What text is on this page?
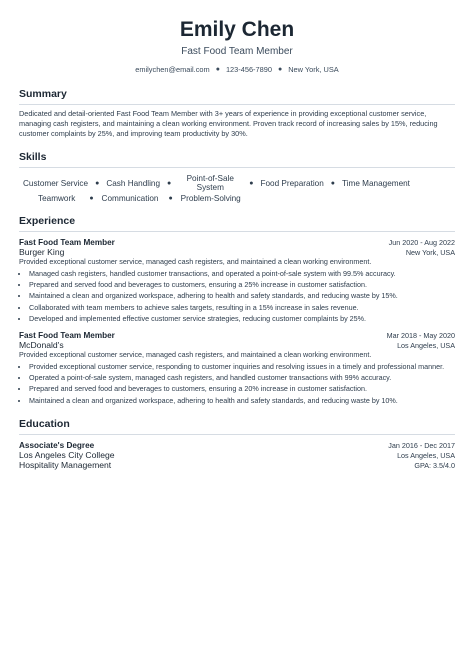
Emily Chen
Fast Food Team Member
emilychen@email.com ● 123-456-7890 ● New York, USA
Summary
Dedicated and detail-oriented Fast Food Team Member with 3+ years of experience in providing exceptional customer service, managing cash registers, and maintaining a clean working environment. Proven track record of increasing sales by 15%, reducing customer complaints by 25%, and improving team productivity by 30%.
Skills
Customer Service ● Cash Handling ●	Point-of-Sale System	● Food Preparation ● Time Management
Teamwork ● Communication ● Problem-Solving
Experience
Fast Food Team Member	Jun 2020 - Aug 2022
Burger King	New York, USA
Provided exceptional customer service, managed cash registers, and maintained a clean working environment.
• Managed cash registers, handled customer transactions, and operated a point-of-sale system with 99.5% accuracy.
• Prepared and served food and beverages to customers, ensuring a 25% increase in customer satisfaction.
• Maintained a clean and organized workspace, adhering to health and safety standards, and reducing waste by 15%.
• Collaborated with team members to achieve sales targets, resulting in a 15% increase in sales revenue.
• Developed and implemented effective customer service strategies, reducing customer complaints by 25%.
Fast Food Team Member	Mar 2018 - May 2020
McDonald's	Los Angeles, USA
Provided exceptional customer service, managed cash registers, and maintained a clean working environment.
• Provided exceptional customer service, responding to customer inquiries and resolving issues in a timely and professional manner.
• Operated a point-of-sale system, managed cash registers, and handled customer transactions with 99% accuracy.
• Prepared and served food and beverages to customers, ensuring a 20% increase in customer satisfaction.
• Maintained a clean and organized workspace, adhering to health and safety standards, and reducing waste by 10%.
Education
Associate's Degree	Jan 2016 - Dec 2017
Los Angeles City College	Los Angeles, USA
Hospitality Management	GPA: 3.5/4.0
